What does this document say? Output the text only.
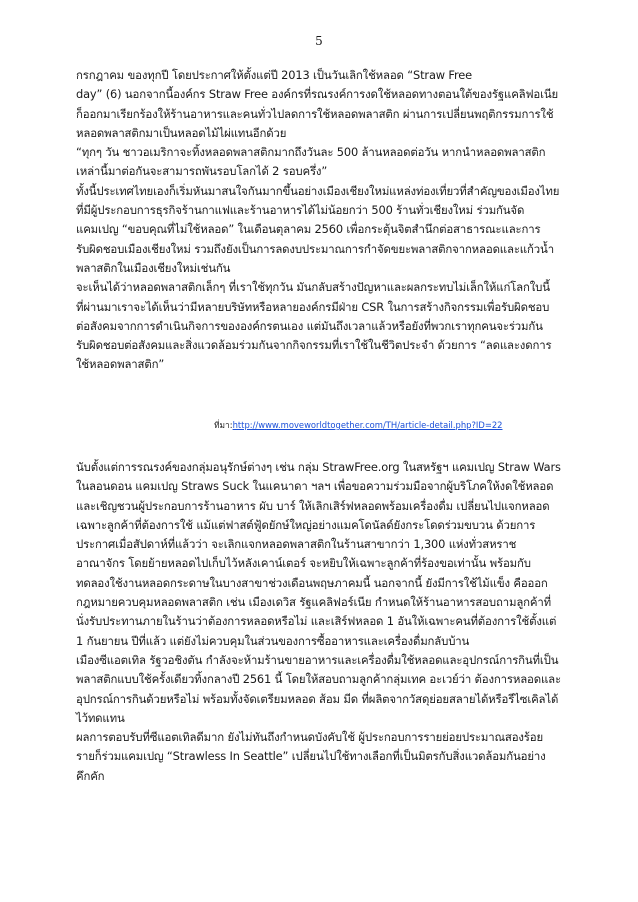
5
กรกฎาคม ของทุกปี โดยประกาศให้ตั้งแต่ปี 2013 เป็นวันเลิกใช้หลอด “Straw Free
day” (6) นอกจากนี้องค์กร Straw Free องค์กรที่รณรงค์การงดใช้หลอดทางตอนใต้ของรัฐแคลิฟอเนีย
ก็ออกมาเรียกร้องให้ร้านอาหารและคนทั่วไปลดการใช้หลอดพลาสติก ผ่านการเปลี่ยนพฤติกรรมการใช้
หลอดพลาสติกมาเป็นหลอดไม้ไผ่แทนอีกด้วย
“ทุกๆ วัน ชาวอเมริกาจะทิ้งหลอดพลาสติกมากถึงวันละ 500 ล้านหลอดต่อวัน หากนำหลอดพลาสติก
เหล่านี้มาต่อกันจะสามารถพันรอบโลกได้ 2 รอบครึ่ง”
ทั้งนี้ประเทศไทยเองก็เริ่มหันมาสนใจกันมากขึ้นอย่างเมืองเชียงใหม่แหล่งท่องเที่ยวที่สำคัญของเมืองไทย
ที่มีผู้ประกอบการธุรกิจร้านกาแฟและร้านอาหารได้ไม่น้อยกว่า 500 ร้านทั่วเชียงใหม่ ร่วมกันจัด
แคมเปญ “ขอบคุณที่ไม่ใช้หลอด” ในเดือนตุลาคม 2560 เพื่อกระตุ้นจิตสำนึกต่อสาธารณะและการ
รับผิดชอบเมืองเชียงใหม่ รวมถึงยังเป็นการลดงบประมาณการกำจัดขยะพลาสติกจากหลอดและแก้วน้ำ
พลาสติกในเมืองเชียงใหม่เช่นกัน
จะเห็นได้ว่าหลอดพลาสติกเล็กๆ ที่เราใช้ทุกวัน มันกลับสร้างปัญหาและผลกระทบไม่เล็กให้แก่โลกใบนี้
ที่ผ่านมาเราจะได้เห็นว่ามีหลายบริษัทหรือหลายองค์กรมีฝ่าย CSR ในการสร้างกิจกรรมเพื่อรับผิดชอบ
ต่อสังคมจากการดำเนินกิจการขององค์กรตนเอง แต่มันถึงเวลาแล้วหรือยังที่พวกเราทุกคนจะร่วมกัน
รับผิดชอบต่อสังคมและสิ่งแวดล้อมร่วมกันจากกิจกรรมที่เราใช้ในชีวิตประจำ ด้วยการ “ลดและงดการ
ใช้หลอดพลาสติก”
ที่มา:http://www.moveworldtogether.com/TH/article-detail.php?ID=22
นับตั้งแต่การรณรงค์ของกลุ่มอนุรักษ์ต่างๆ เช่น กลุ่ม StrawFree.org ในสหรัฐฯ แคมเปญ Straw Wars
ในลอนดอน แคมเปญ Straws Suck ในแคนาดา ฯลฯ เพื่อขอความร่วมมือจากผู้บริโภคให้งดใช้หลอด
และเชิญชวนผู้ประกอบการร้านอาหาร ผับ บาร์ ให้เลิกเสิร์ฟหลอดพร้อมเครื่องดื่ม เปลี่ยนไปแจกหลอด
เฉพาะลูกค้าที่ต้องการใช้ แม้แต่ฟาสต์ฟู้ดยักษ์ใหญ่อย่างแมคโดนัลด์ยังกระโดดร่วมขบวน ด้วยการ
ประกาศเมื่อสัปดาห์ที่แล้วว่า จะเลิกแจกหลอดพลาสติกในร้านสาขากว่า 1,300 แห่งทั่วสหราช
อาณาจักร โดยย้ายหลอดไปเก็บไว้หลังเคาน์เตอร์ จะหยิบให้เฉพาะลูกค้าที่ร้องขอเท่านั้น พร้อมกับ
ทดลองใช้งานหลอดกระดาษในบางสาขาช่วงเดือนพฤษภาคมนี้ นอกจากนี้ ยังมีการใช้ไม้แข็ง คือออก
กฎหมายควบคุมหลอดพลาสติก เช่น เมืองเดวิส รัฐแคลิฟอร์เนีย กำหนดให้ร้านอาหารสอบถามลูกค้าที่
นั่งรับประทานภายในร้านว่าต้องการหลอดหรือไม่ และเสิร์ฟหลอด 1 อันให้เฉพาะคนที่ต้องการใช้ตั้งแต่
1 กันยายน ปีที่แล้ว แต่ยังไม่ควบคุมในส่วนของการซื้ออาหารและเครื่องดื่มกลับบ้าน
เมืองซีแอตเทิล รัฐวอชิงตัน กำลังจะห้ามร้านขายอาหารและเครื่องดื่มใช้หลอดและอุปกรณ์การกินที่เป็น
พลาสติกแบบใช้ครั้งเดียวทิ้งกลางปี 2561 นี้ โดยให้สอบถามลูกค้ากลุ่มเทค อะเวย์ว่า ต้องการหลอดและ
อุปกรณ์การกินด้วยหรือไม่ พร้อมทั้งจัดเตรียมหลอด ส้อม มีด ที่ผลิตจากวัสดุย่อยสลายได้หรือรีไซเคิลได้
ไว้ทดแทน
ผลการตอบรับที่ซีแอตเทิลดีมาก ยังไม่ทันถึงกำหนดบังคับใช้ ผู้ประกอบการรายย่อยประมาณสองร้อย
รายก็ร่วมแคมเปญ “Strawless In Seattle” เปลี่ยนไปใช้ทางเลือกที่เป็นมิตรกับสิ่งแวดล้อมกันอย่าง
คึกคัก
